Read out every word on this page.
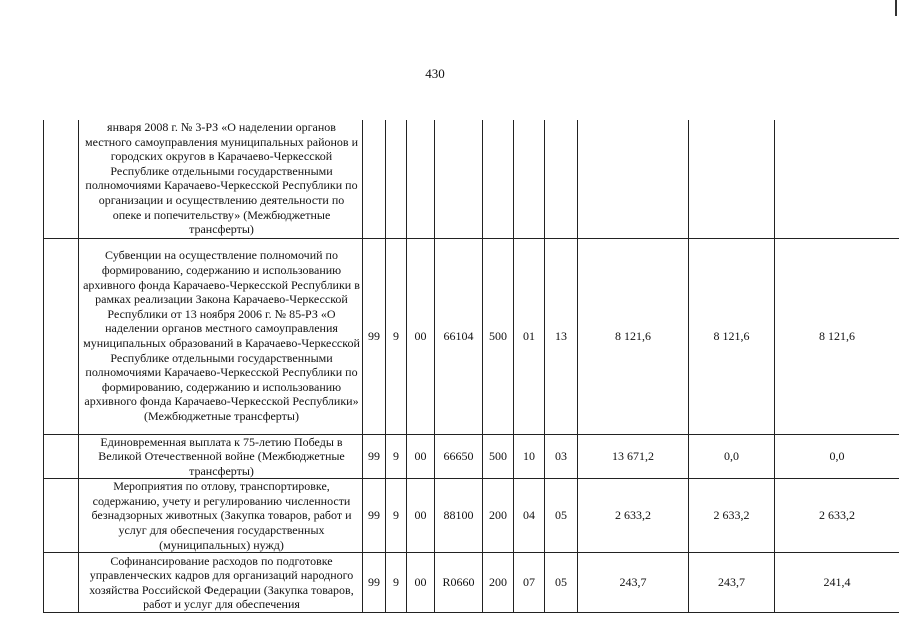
430
	января 2008 г. № 3-РЗ «О наделении органов местного самоуправления муниципальных районов и городских округов в Карачаево-Черкесской Республике отдельными государственными полномочиями Карачаево-Черкесской Республики по организации и осуществлению деятельности по опеке и попечительству» (Межбюджетные трансферты)										
	Субвенции на осуществление полномочий по формированию, содержанию и использованию архивного фонда Карачаево-Черкесской Республики в рамках реализации Закона Карачаево-Черкесской Республики от 13 ноября 2006 г. № 85-РЗ «О наделении органов местного самоуправления муниципальных образований в Карачаево-Черкесской Республике отдельными государственными полномочиями Карачаево-Черкесской Республики по формированию, содержанию и использованию архивного фонда Карачаево-Черкесской Республики» (Межбюджетные трансферты)	99	9	00	66104	500	01	13	8 121,6	8 121,6	8 121,6
	Единовременная выплата к 75-летию Победы в Великой Отечественной войне (Межбюджетные трансферты)	99	9	00	66650	500	10	03	13 671,2	0,0	0,0
	Мероприятия по отлову, транспортировке, содержанию, учету и регулированию численности безнадзорных животных (Закупка товаров, работ и услуг для обеспечения государственных (муниципальных) нужд)	99	9	00	88100	200	04	05	2 633,2	2 633,2	2 633,2
	Софинансирование расходов по подготовке управленческих кадров для организаций народного хозяйства Российской Федерации (Закупка товаров, работ и услуг для обеспечения	99	9	00	R0660	200	07	05	243,7	243,7	241,4
